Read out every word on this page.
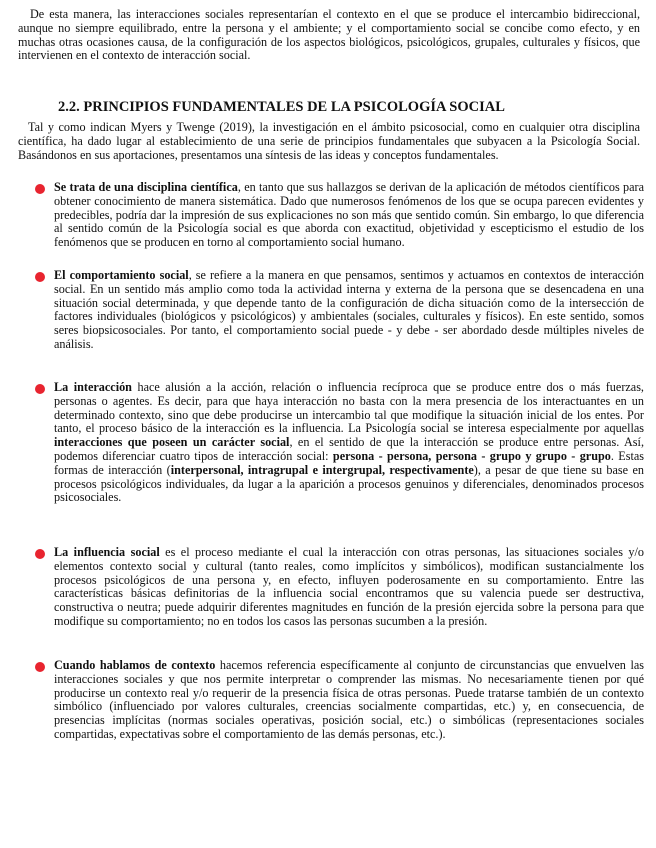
De esta manera, las interacciones sociales representarían el contexto en el que se produce el intercambio bidireccional, aunque no siempre equilibrado, entre la persona y el ambiente; y el comportamiento social se concibe como efecto, y en muchas otras ocasiones causa, de la configuración de los aspectos biológicos, psicológicos, grupales, culturales y físicos, que intervienen en el contexto de interacción social.

2.2. PRINCIPIOS FUNDAMENTALES DE LA PSICOLOGÍA SOCIAL

Tal y como indican Myers y Twenge (2019), la investigación en el ámbito psicosocial, como en cualquier otra disciplina científica, ha dado lugar al establecimiento de una serie de principios fundamentales que subyacen a la Psicología Social. Basándonos en sus aportaciones, presentamos una síntesis de las ideas y conceptos fundamentales.

Se trata de una disciplina científica, en tanto que sus hallazgos se derivan de la aplicación de métodos científicos para obtener conocimiento de manera sistemática. Dado que numerosos fenómenos de los que se ocupa parecen evidentes y predecibles, podría dar la impresión de sus explicaciones no son más que sentido común. Sin embargo, lo que diferencia al sentido común de la Psicología social es que aborda con exactitud, objetividad y escepticismo el estudio de los fenómenos que se producen en torno al comportamiento social humano.
El comportamiento social, se refiere a la manera en que pensamos, sentimos y actuamos en contextos de interacción social. En un sentido más amplio como toda la actividad interna y externa de la persona que se desencadena en una situación social determinada, y que depende tanto de la configuración de dicha situación como de la intersección de factores individuales (biológicos y psicológicos) y ambientales (sociales, culturales y físicos). En este sentido, somos seres biopsicosociales. Por tanto, el comportamiento social puede - y debe - ser abordado desde múltiples niveles de análisis.
La interacción hace alusión a la acción, relación o influencia recíproca que se produce entre dos o más fuerzas, personas o agentes. Es decir, para que haya interacción no basta con la mera presencia de los interactuantes en un determinado contexto, sino que debe producirse un intercambio tal que modifique la situación inicial de los entes. Por tanto, el proceso básico de la interacción es la influencia. La Psicología social se interesa especialmente por aquellas interacciones que poseen un carácter social, en el sentido de que la interacción se produce entre personas. Así, podemos diferenciar cuatro tipos de interacción social: persona - persona, persona - grupo y grupo - grupo. Estas formas de interacción (interpersonal, intragrupal e intergrupal, respectivamente), a pesar de que tiene su base en procesos psicológicos individuales, da lugar a la aparición a procesos genuinos y diferenciales, denominados procesos psicosociales.
La influencia social es el proceso mediante el cual la interacción con otras personas, las situaciones sociales y/o elementos contexto social y cultural (tanto reales, como implícitos y simbólicos), modifican sustancialmente los procesos psicológicos de una persona y, en efecto, influyen poderosamente en su comportamiento. Entre las características básicas definitorias de la influencia social encontramos que su valencia puede ser destructiva, constructiva o neutra; puede adquirir diferentes magnitudes en función de la presión ejercida sobre la persona para que modifique su comportamiento; no en todos los casos las personas sucumben a la presión.
Cuando hablamos de contexto hacemos referencia específicamente al conjunto de circunstancias que envuelven las interacciones sociales y que nos permite interpretar o comprender las mismas. No necesariamente tienen por qué producirse un contexto real y/o requerir de la presencia física de otras personas. Puede tratarse también de un contexto simbólico (influenciado por valores culturales, creencias socialmente compartidas, etc.) y, en consecuencia, de presencias implícitas (normas sociales operativas, posición social, etc.) o simbólicas (representaciones sociales compartidas, expectativas sobre el comportamiento de las demás personas, etc.).
